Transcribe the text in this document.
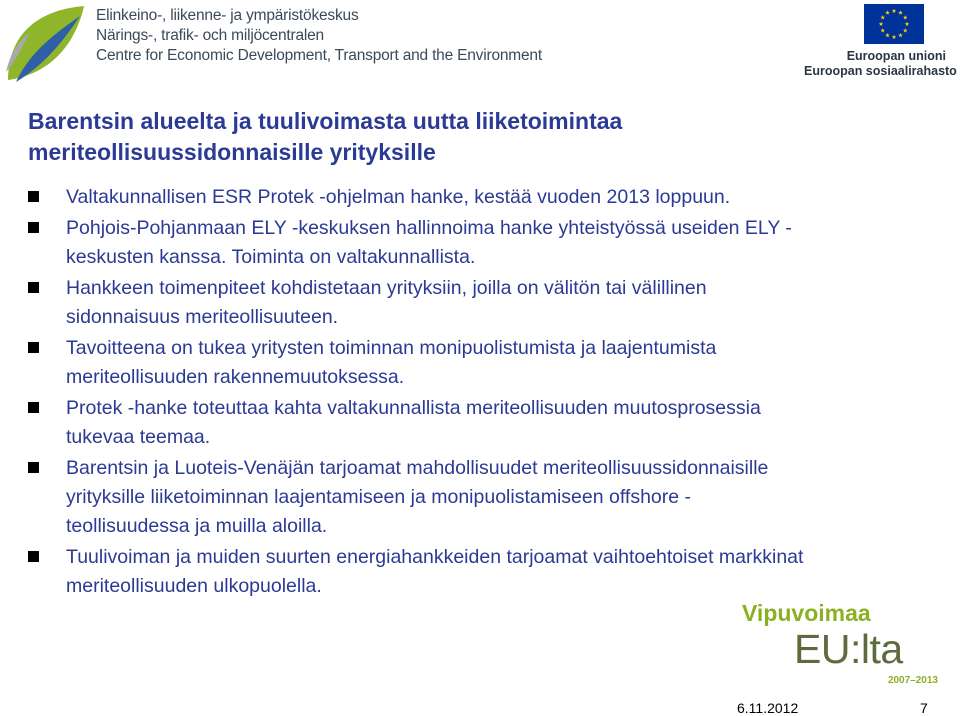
Elinkeino-, liikenne- ja ympäristökeskus
Närings-, trafik- och miljöcentralen
Centre for Economic Development, Transport and the Environment	Euroopan unioni
Euroopan sosiaalirahasto
Barentsin alueelta ja tuulivoimasta uutta liiketoimintaa
meriteollisuussidonnaisille yrityksille
Valtakunnallisen ESR Protek -ohjelman hanke, kestää vuoden 2013 loppuun.
Pohjois-Pohjanmaan ELY -keskuksen hallinnoima hanke yhteistyössä useiden ELY -
keskusten kanssa. Toiminta on valtakunnallista.
Hankkeen toimenpiteet kohdistetaan yrityksiin, joilla on välitön tai välillinen
sidonnaisuus meriteollisuuteen.
Tavoitteena on tukea yritysten toiminnan monipuolistumista ja laajentumista
meriteollisuuden rakennemuutoksessa.
Protek -hanke toteuttaa kahta valtakunnallista meriteollisuuden muutosprosessia
tukevaa teemaa.
Barentsin ja Luoteis-Venäjän tarjoamat mahdollisuudet meriteollisuussidonnaisille
yrityksille liiketoiminnan laajentamiseen ja monipuolistamiseen offshore -
teollisuudessa ja muilla aloilla.
Tuulivoiman ja muiden suurten energiahankkeiden tarjoamat vaihtoehtoiset markkinat
meriteollisuuden ulkopuolella.
Vipuvoimaa
EU:lta
2007–2013
6.11.2012	7
